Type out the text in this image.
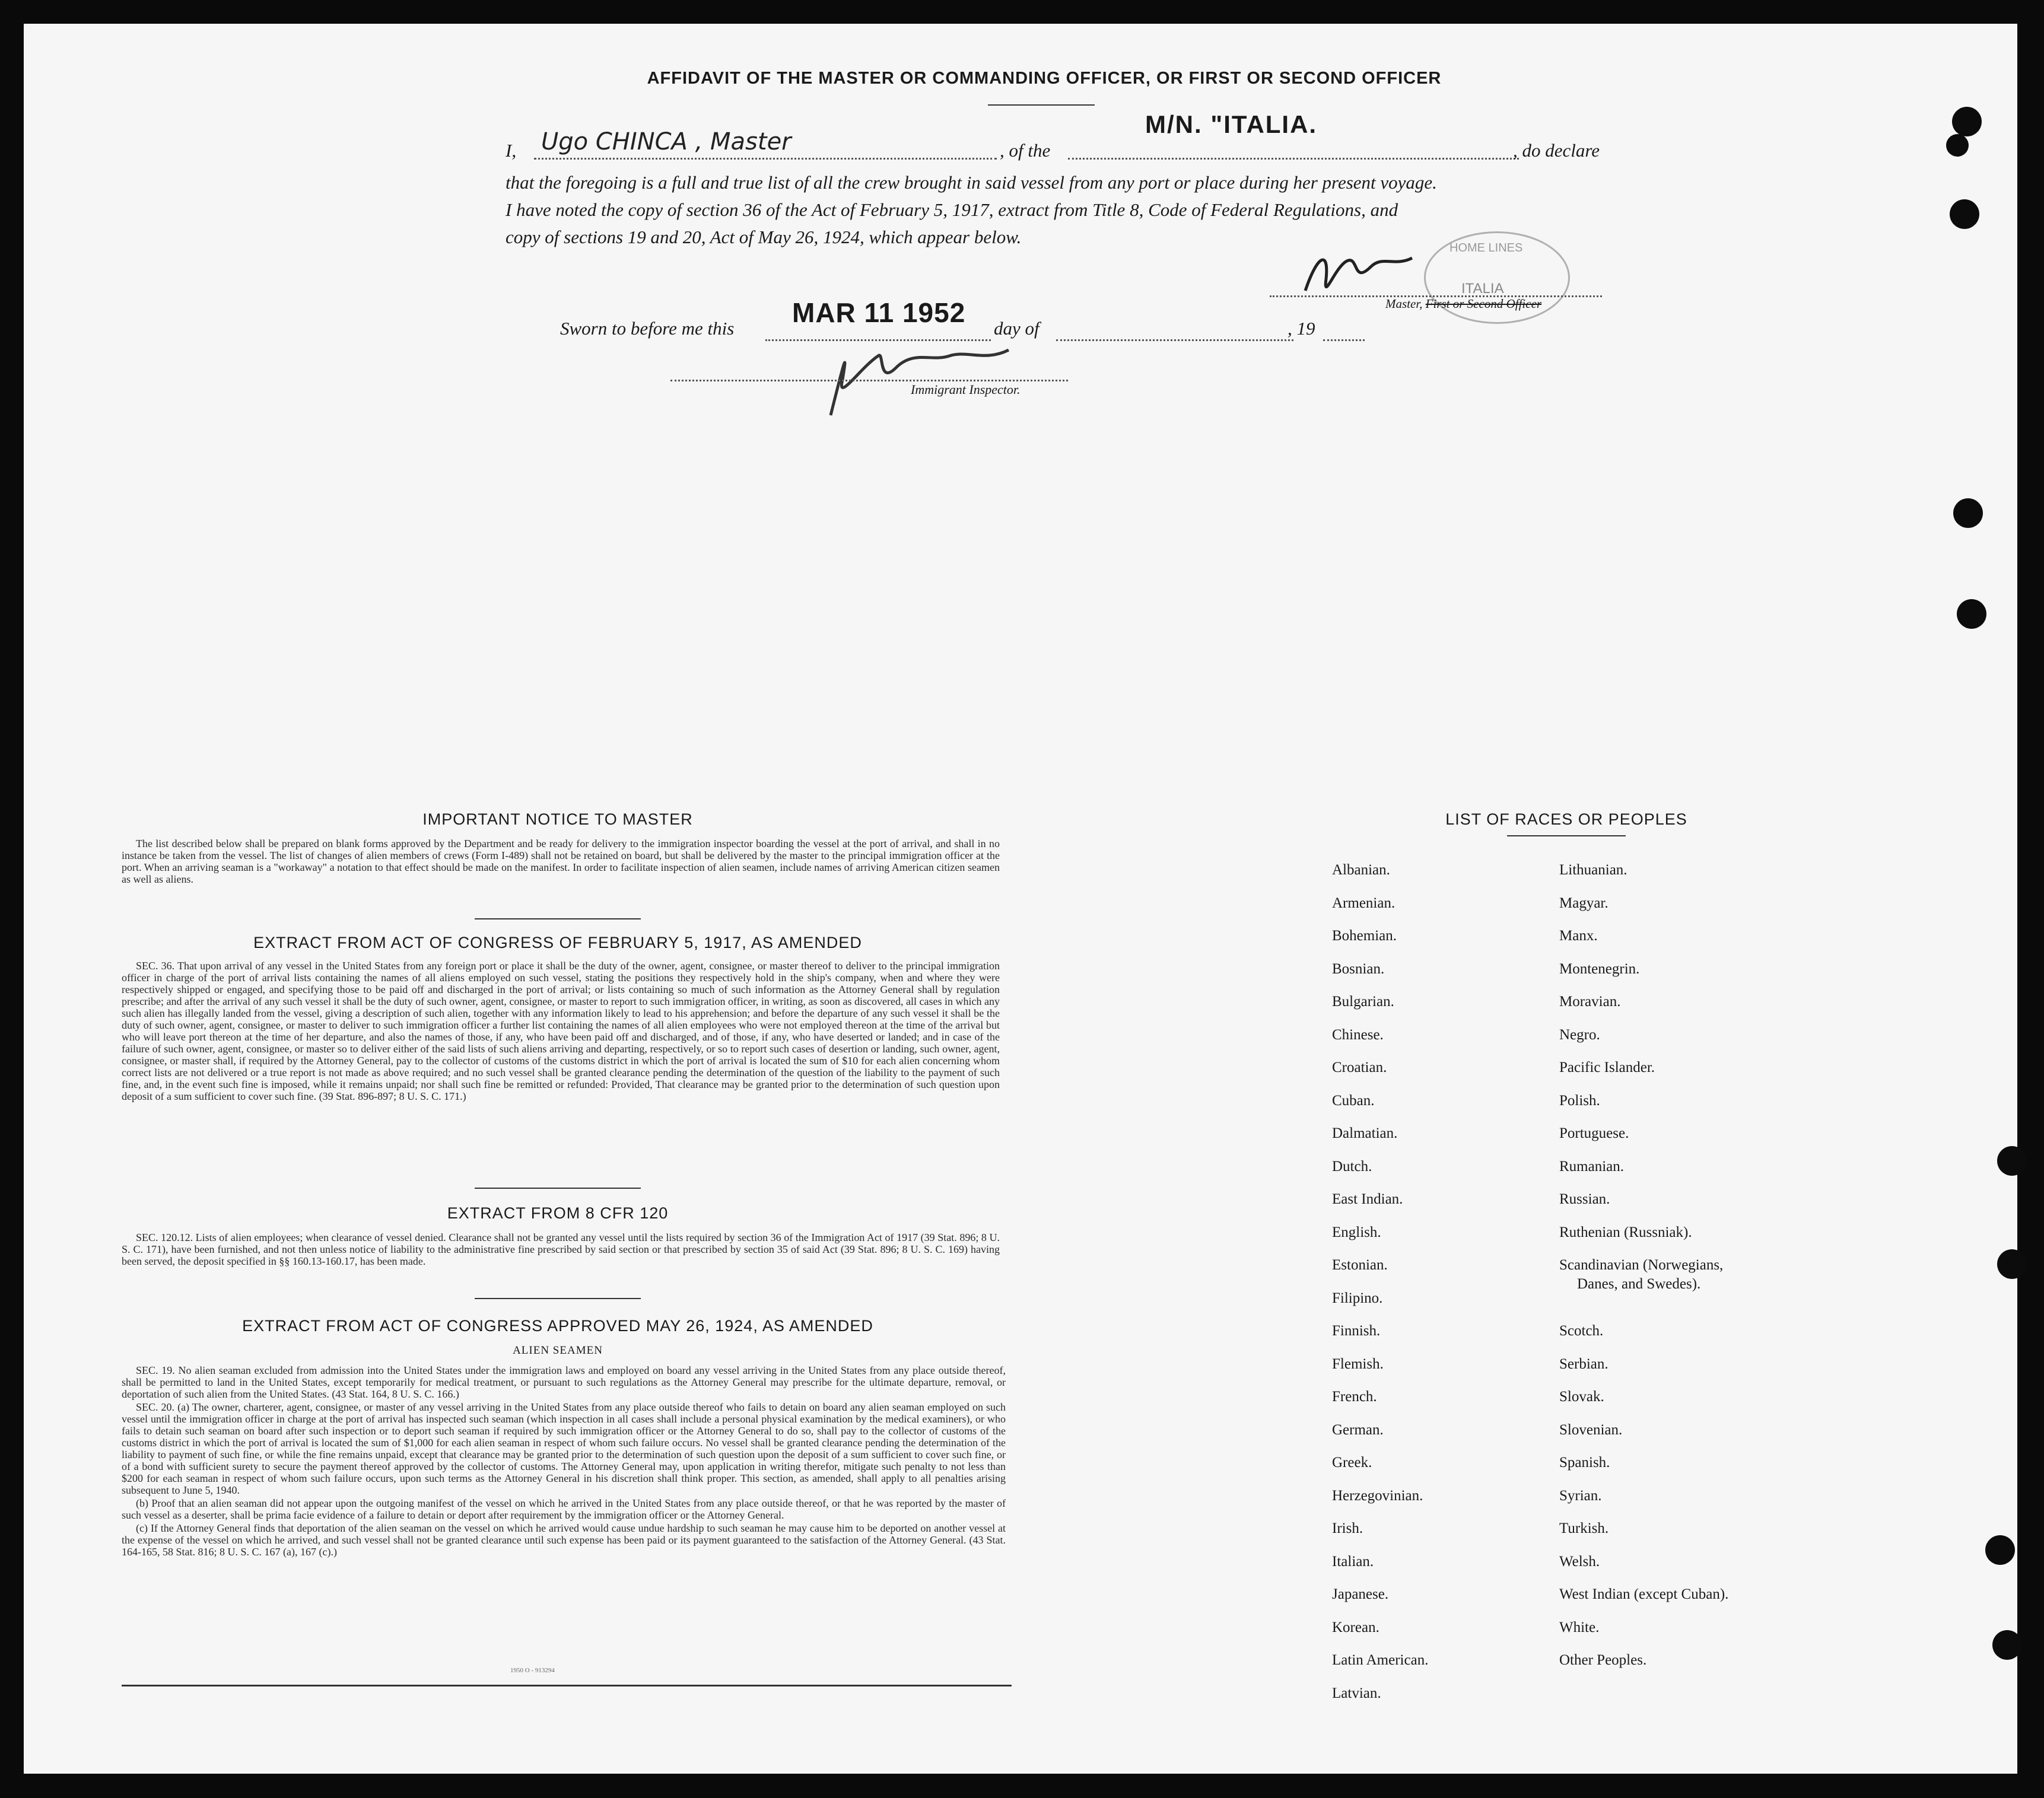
AFFIDAVIT OF THE MASTER OR COMMANDING OFFICER, OR FIRST OR SECOND OFFICER
I, Ugo CHINCA , Master	, of the
M/N. "ITALIA.
, do declare
that the foregoing is a full and true list of all the crew brought in said vessel from any port or place during her present voyage.
I have noted the copy of section 36 of the Act of February 5, 1917, extract from Title 8, Code of Federal Regulations, and
copy of sections 19 and 20, Act of May 26, 1924, which appear below.
HOME LINES
ITALIA
Master, First or Second Officer
Sworn to before me this
MAR 11 1952
day of	, 19
Immigrant Inspector.
IMPORTANT NOTICE TO MASTER

The list described below shall be prepared on blank forms approved by the Department and be ready for delivery to the immigration inspector boarding the vessel at the port of arrival, and shall in no instance be taken from the vessel. The list of changes of alien members of crews (Form I-489) shall not be retained on board, but shall be delivered by the master to the principal immigration officer at the port. When an arriving seaman is a "workaway" a notation to that effect should be made on the manifest. In order to facilitate inspection of alien seamen, include names of arriving American citizen seamen as well as aliens.

EXTRACT FROM ACT OF CONGRESS OF FEBRUARY 5, 1917, AS AMENDED

SEC. 36. That upon arrival of any vessel in the United States from any foreign port or place it shall be the duty of the owner, agent, consignee, or master thereof to deliver to the principal immigration officer in charge of the port of arrival lists containing the names of all aliens employed on such vessel, stating the positions they respectively hold in the ship's company, when and where they were respectively shipped or engaged, and specifying those to be paid off and discharged in the port of arrival; or lists containing so much of such information as the Attorney General shall by regulation prescribe; and after the arrival of any such vessel it shall be the duty of such owner, agent, consignee, or master to report to such immigration officer, in writing, as soon as discovered, all cases in which any such alien has illegally landed from the vessel, giving a description of such alien, together with any information likely to lead to his apprehension; and before the departure of any such vessel it shall be the duty of such owner, agent, consignee, or master to deliver to such immigration officer a further list containing the names of all alien employees who were not employed thereon at the time of the arrival but who will leave port thereon at the time of her departure, and also the names of those, if any, who have been paid off and discharged, and of those, if any, who have deserted or landed; and in case of the failure of such owner, agent, consignee, or master so to deliver either of the said lists of such aliens arriving and departing, respectively, or so to report such cases of desertion or landing, such owner, agent, consignee, or master shall, if required by the Attorney General, pay to the collector of customs of the customs district in which the port of arrival is located the sum of $10 for each alien concerning whom correct lists are not delivered or a true report is not made as above required; and no such vessel shall be granted clearance pending the determination of the question of the liability to the payment of such fine, and, in the event such fine is imposed, while it remains unpaid; nor shall such fine be remitted or refunded: Provided, That clearance may be granted prior to the determination of such question upon deposit of a sum sufficient to cover such fine. (39 Stat. 896-897; 8 U. S. C. 171.)

EXTRACT FROM 8 CFR 120

SEC. 120.12. Lists of alien employees; when clearance of vessel denied. Clearance shall not be granted any vessel until the lists required by section 36 of the Immigration Act of 1917 (39 Stat. 896; 8 U. S. C. 171), have been furnished, and not then unless notice of liability to the administrative fine prescribed by said section or that prescribed by section 35 of said Act (39 Stat. 896; 8 U. S. C. 169) having been served, the deposit specified in §§ 160.13-160.17, has been made.

EXTRACT FROM ACT OF CONGRESS APPROVED MAY 26, 1924, AS AMENDED
ALIEN SEAMEN

SEC. 19. No alien seaman excluded from admission into the United States under the immigration laws and employed on board any vessel arriving in the United States from any place outside thereof, shall be permitted to land in the United States, except temporarily for medical treatment, or pursuant to such regulations as the Attorney General may prescribe for the ultimate departure, removal, or deportation of such alien from the United States. (43 Stat. 164, 8 U. S. C. 166.)

SEC. 20. (a) The owner, charterer, agent, consignee, or master of any vessel arriving in the United States from any place outside thereof who fails to detain on board any alien seaman employed on such vessel until the immigration officer in charge at the port of arrival has inspected such seaman (which inspection in all cases shall include a personal physical examination by the medical examiners), or who fails to detain such seaman on board after such inspection or to deport such seaman if required by such immigration officer or the Attorney General to do so, shall pay to the collector of customs of the customs district in which the port of arrival is located the sum of $1,000 for each alien seaman in respect of whom such failure occurs. No vessel shall be granted clearance pending the determination of the liability to payment of such fine, or while the fine remains unpaid, except that clearance may be granted prior to the determination of such question upon the deposit of a sum sufficient to cover such fine, or of a bond with sufficient surety to secure the payment thereof approved by the collector of customs. The Attorney General may, upon application in writing therefor, mitigate such penalty to not less than $200 for each seaman in respect of whom such failure occurs, upon such terms as the Attorney General in his discretion shall think proper. This section, as amended, shall apply to all penalties arising subsequent to June 5, 1940.

(b) Proof that an alien seaman did not appear upon the outgoing manifest of the vessel on which he arrived in the United States from any place outside thereof, or that he was reported by the master of such vessel as a deserter, shall be prima facie evidence of a failure to detain or deport after requirement by the immigration officer or the Attorney General.

(c) If the Attorney General finds that deportation of the alien seaman on the vessel on which he arrived would cause undue hardship to such seaman he may cause him to be deported on another vessel at the expense of the vessel on which he arrived, and such vessel shall not be granted clearance until such expense has been paid or its payment guaranteed to the satisfaction of the Attorney General. (43 Stat. 164-165, 58 Stat. 816; 8 U. S. C. 167 (a), 167 (c).)

1950 O - 913294
LIST OF RACES OR PEOPLES
Albanian.
Armenian.
Bohemian.
Bosnian.
Bulgarian.
Chinese.
Croatian.
Cuban.
Dalmatian.
Dutch.
East Indian.
English.
Estonian.
Filipino.
Finnish.
Flemish.
French.
German.
Greek.
Herzegovinian.
Irish.
Italian.
Japanese.
Korean.
Latin American.
Latvian.
Lithuanian.
Magyar.
Manx.
Montenegrin.
Moravian.
Negro.
Pacific Islander.
Polish.
Portuguese.
Rumanian.
Russian.
Ruthenian (Russniak).
Scandinavian (Norwegians,
Danes, and Swedes).
Scotch.
Serbian.
Slovak.
Slovenian.
Spanish.
Syrian.
Turkish.
Welsh.
West Indian (except Cuban).
White.
Other Peoples.
